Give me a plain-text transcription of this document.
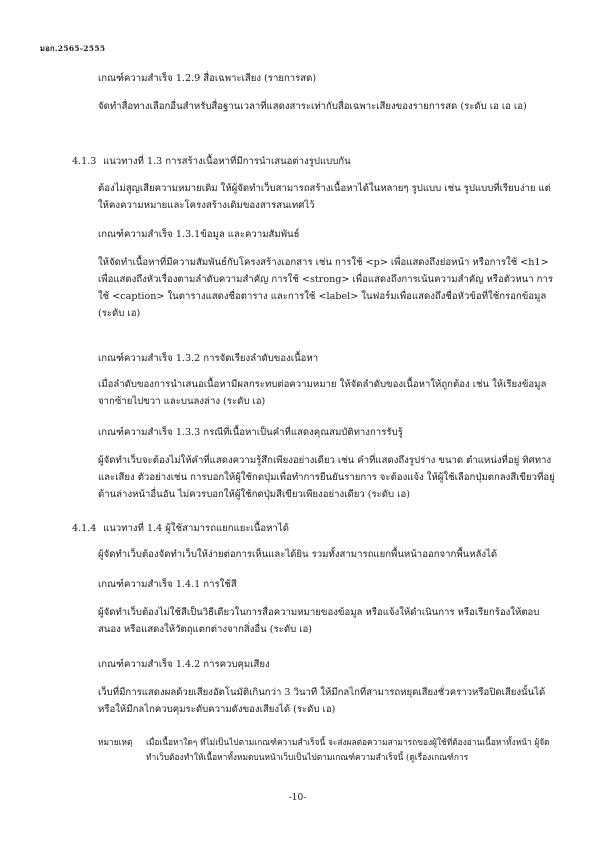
มอก.2565-2555

เกณฑ์ความสำเร็จ 1.2.9 สื่อเฉพาะเสียง (รายการสด)

จัดทำสื่อทางเลือกอื่นสำหรับสื่อฐานเวลาที่แสดงสาระเท่ากับสื่อเฉพาะเสียงของรายการสด (ระดับ เอ เอ เอ)

4.1.3 แนวทางที่ 1.3 การสร้างเนื้อหาที่มีการนำเสนอต่างรูปแบบกัน

ต้องไม่สูญเสียความหมายเดิม ให้ผู้จัดทำเว็บสามารถสร้างเนื้อหาได้ในหลายๆ รูปแบบ เช่น รูปแบบที่เรียบง่าย แต่ให้คงความหมายและโครงสร้างเดิมของสารสนเทศไว้

เกณฑ์ความสำเร็จ 1.3.1ข้อมูล และความสัมพันธ์

ให้จัดทำเนื้อหาที่มีความสัมพันธ์กับโครงสร้างเอกสาร เช่น การใช้ <p> เพื่อแสดงถึงย่อหน้า หรือการใช้ <h1> เพื่อแสดงถึงหัวเรื่องตามลำดับความสำคัญ การใช้ <strong> เพื่อแสดงถึงการเน้นความสำคัญ หรือตัวหนา การใช้ <caption> ในตารางแสดงชื่อตาราง และการใช้ <label> ในฟอร์มเพื่อแสดงถึงชื่อหัวข้อที่ใช้กรอกข้อมูล (ระดับ เอ)

เกณฑ์ความสำเร็จ 1.3.2 การจัดเรียงลำดับของเนื้อหา

เมื่อลำดับของการนำเสนอเนื้อหามีผลกระทบต่อความหมาย ให้จัดลำดับของเนื้อหาให้ถูกต้อง เช่น ให้เรียงข้อมูลจากซ้ายไปขวา และบนลงล่าง (ระดับ เอ)

เกณฑ์ความสำเร็จ 1.3.3 กรณีที่เนื้อหาเป็นคำที่แสดงคุณสมบัติทางการรับรู้

ผู้จัดทำเว็บจะต้องไม่ให้คำที่แสดงความรู้สึกเพียงอย่างเดียว เช่น คำที่แสดงถึงรูปร่าง ขนาด ตำแหน่งที่อยู่ ทิศทาง และเสียง ตัวอย่างเช่น การบอกให้ผู้ใช้กดปุ่มเพื่อทำการยืนยันรายการ จะต้องแจ้ง ให้ผู้ใช้เลือกปุ่มตกลงสีเขียวที่อยู่ด้านล่างหน้าอื่นอัน ไม่ควรบอกให้ผู้ใช้กดปุ่มสีเขียวเพียงอย่างเดียว (ระดับ เอ)

4.1.4 แนวทางที่ 1.4 ผู้ใช้สามารถแยกแยะเนื้อหาได้

ผู้จัดทำเว็บต้องจัดทำเว็บให้ง่ายต่อการเห็นและได้ยิน รวมทั้งสามารถแยกพื้นหน้าออกจากพื้นหลังได้

เกณฑ์ความสำเร็จ 1.4.1 การใช้สี

ผู้จัดทำเว็บต้องไม่ใช้สีเป็นวิธีเดียวในการสื่อความหมายของข้อมูล หรือแจ้งให้ดำเนินการ หรือเรียกร้องให้ตอบสนอง หรือแสดงให้วัตถุแตกต่างจากสิ่งอื่น (ระดับ เอ)

เกณฑ์ความสำเร็จ 1.4.2 การควบคุมเสียง

เว็บที่มีการแสดงผลด้วยเสียงอัตโนมัติเกินกว่า 3 วินาที ให้มีกลไกที่สามารถหยุดเสียงชั่วคราวหรือปิดเสียงนั้นได้ หรือให้มีกลไกควบคุมระดับความดังของเสียงได้ (ระดับ เอ)

หมายเหตุ	เมื่อเนื้อหาใดๆ ที่ไม่เป็นไปตามเกณฑ์ความสำเร็จนี้ จะส่งผลต่อความสามารถของผู้ใช้ที่ต้องอ่านเนื้อหาทั้งหน้า ผู้จัดทำเว็บต้องทำให้เนื้อหาทั้งหมดบนหน้าเว็บเป็นไปตามเกณฑ์ความสำเร็จนี้ (ดูเรื่องเกณฑ์การ
-10-
